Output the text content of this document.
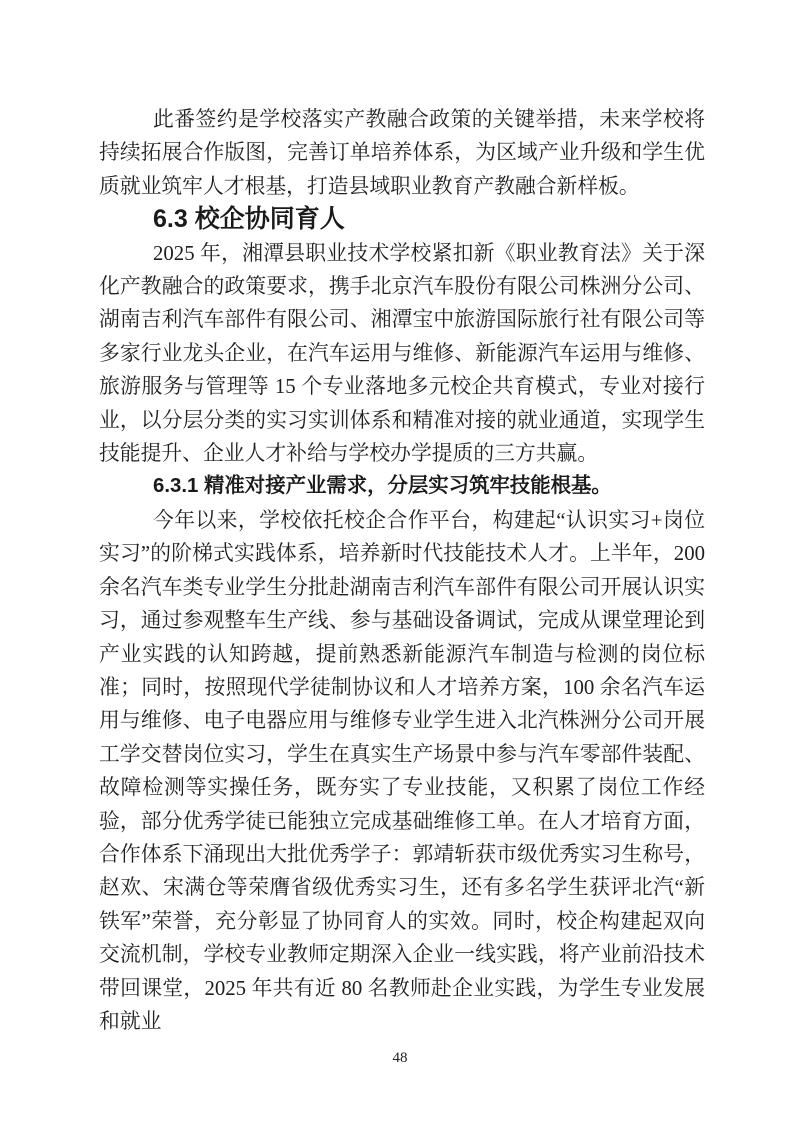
此番签约是学校落实产教融合政策的关键举措，未来学校将持续拓展合作版图，完善订单培养体系，为区域产业升级和学生优质就业筑牢人才根基，打造县域职业教育产教融合新样板。

6.3 校企协同育人

2025 年，湘潭县职业技术学校紧扣新《职业教育法》关于深化产教融合的政策要求，携手北京汽车股份有限公司株洲分公司、湖南吉利汽车部件有限公司、湘潭宝中旅游国际旅行社有限公司等多家行业龙头企业，在汽车运用与维修、新能源汽车运用与维修、旅游服务与管理等 15 个专业落地多元校企共育模式，专业对接行业，以分层分类的实习实训体系和精准对接的就业通道，实现学生技能提升、企业人才补给与学校办学提质的三方共赢。

6.3.1 精准对接产业需求，分层实习筑牢技能根基。

今年以来，学校依托校企合作平台，构建起“认识实习+岗位实习”的阶梯式实践体系，培养新时代技能技术人才。上半年，200 余名汽车类专业学生分批赴湖南吉利汽车部件有限公司开展认识实习，通过参观整车生产线、参与基础设备调试，完成从课堂理论到产业实践的认知跨越，提前熟悉新能源汽车制造与检测的岗位标准；同时，按照现代学徒制协议和人才培养方案，100 余名汽车运用与维修、电子电器应用与维修专业学生进入北汽株洲分公司开展工学交替岗位实习，学生在真实生产场景中参与汽车零部件装配、故障检测等实操任务，既夯实了专业技能，又积累了岗位工作经验，部分优秀学徒已能独立完成基础维修工单。在人才培育方面，合作体系下涌现出大批优秀学子：郭靖斩获市级优秀实习生称号，赵欢、宋满仓等荣膺省级优秀实习生，还有多名学生获评北汽“新铁军”荣誉，充分彰显了协同育人的实效。同时，校企构建起双向交流机制，学校专业教师定期深入企业一线实践，将产业前沿技术带回课堂，2025 年共有近 80 名教师赴企业实践，为学生专业发展和就业

48
